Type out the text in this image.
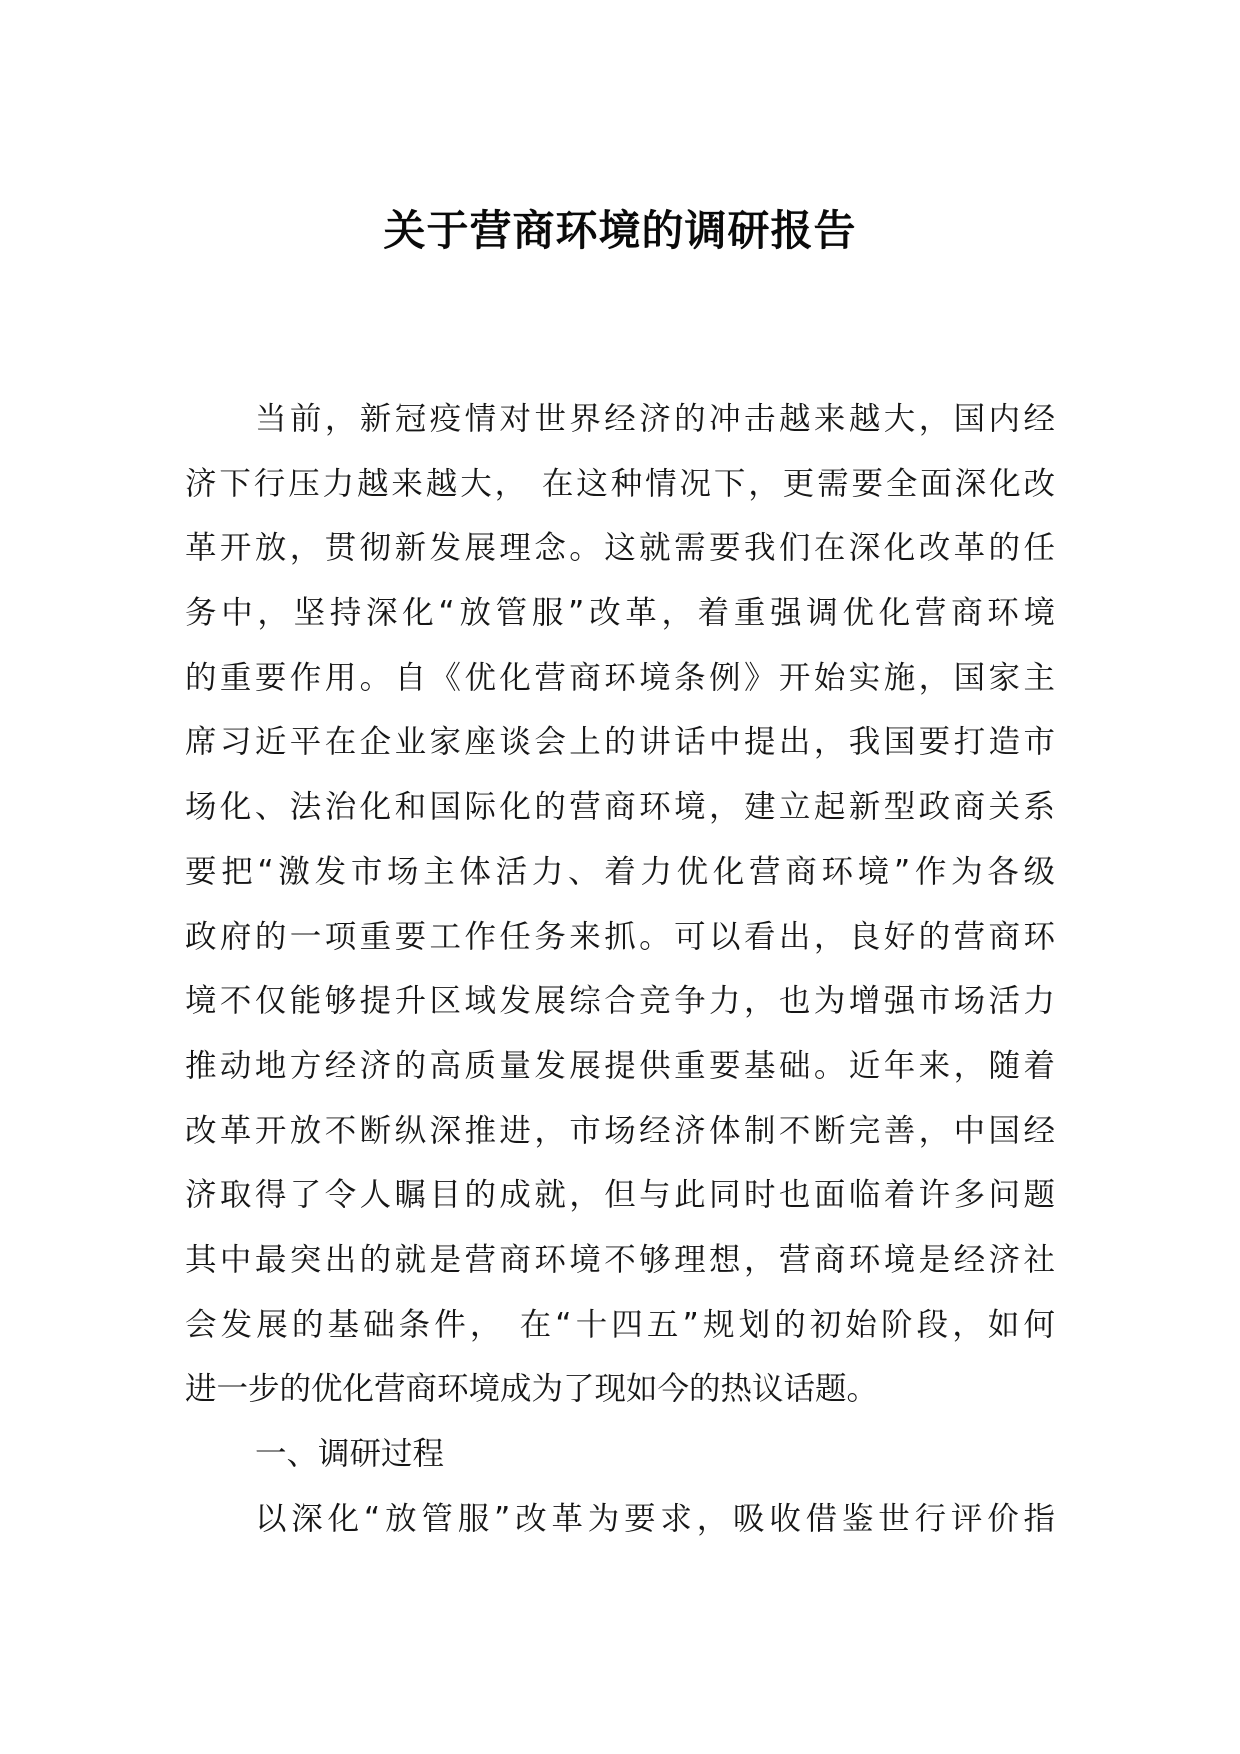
关于营商环境的调研报告
当前，新冠疫情对世界经济的冲击越来越大，国内经
济下行压力越来越大， 在这种情况下，更需要全面深化改
革开放，贯彻新发展理念。这就需要我们在深化改革的任
务中，坚持深化“放管服”改革，着重强调优化营商环境
的重要作用。自《优化营商环境条例》开始实施，国家主
席习近平在企业家座谈会上的讲话中提出，我国要打造市
场化、法治化和国际化的营商环境，建立起新型政商关系
要把“激发市场主体活力、着力优化营商环境”作为各级
政府的一项重要工作任务来抓。可以看出，良好的营商环
境不仅能够提升区域发展综合竞争力，也为增强市场活力
推动地方经济的高质量发展提供重要基础。近年来，随着
改革开放不断纵深推进，市场经济体制不断完善，中国经
济取得了令人瞩目的成就，但与此同时也面临着许多问题
其中最突出的就是营商环境不够理想，营商环境是经济社
会发展的基础条件， 在“十四五”规划的初始阶段，如何
进一步的优化营商环境成为了现如今的热议话题。
一、调研过程
以深化“放管服”改革为要求，吸收借鉴世行评价指
